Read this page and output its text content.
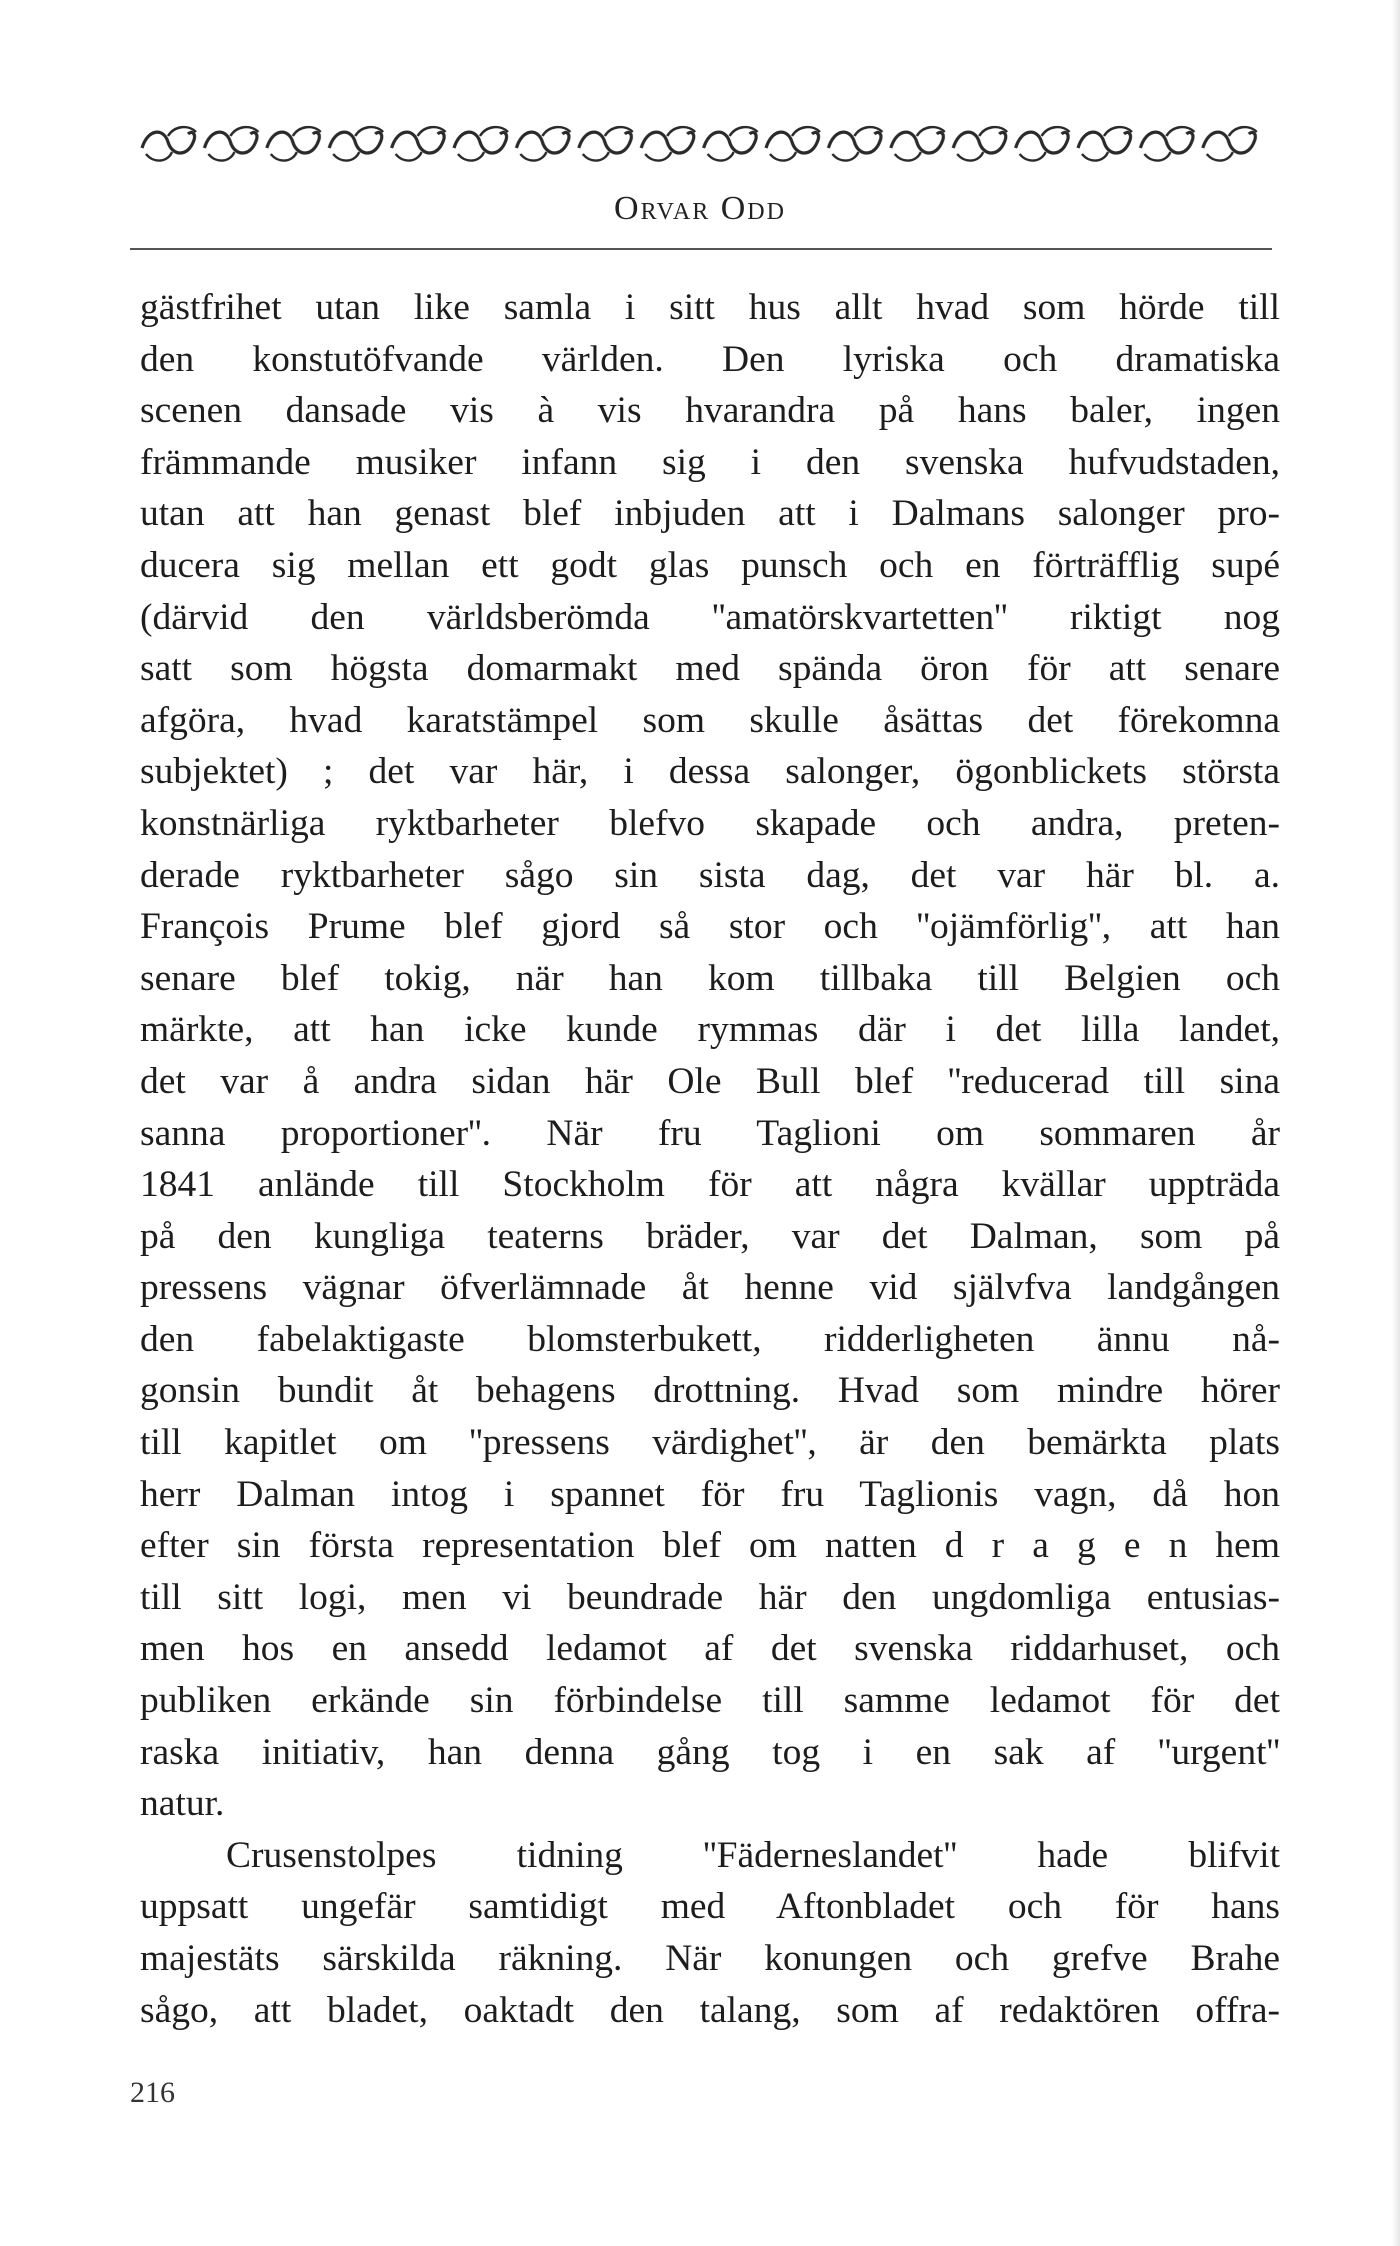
Orvar Odd
gästfrihet utan like samla i sitt hus allt hvad som hörde till
den konstutöfvande världen. Den lyriska och dramatiska
scenen dansade vis à vis hvarandra på hans baler, ingen
främmande musiker infann sig i den svenska hufvudstaden,
utan att han genast blef inbjuden att i Dalmans salonger pro-
ducera sig mellan ett godt glas punsch och en förträfflig supé
(därvid den världsberömda ''amatörskvartetten'' riktigt nog
satt som högsta domarmakt med spända öron för att senare
afgöra, hvad karatstämpel som skulle åsättas det förekomna
subjektet) ; det var här, i dessa salonger, ögonblickets största
konstnärliga ryktbarheter blefvo skapade och andra, preten-
derade ryktbarheter sågo sin sista dag, det var här bl. a.
François Prume blef gjord så stor och ''ojämförlig'', att han
senare blef tokig, när han kom tillbaka till Belgien och
märkte, att han icke kunde rymmas där i det lilla landet,
det var å andra sidan här Ole Bull blef ''reducerad till sina
sanna proportioner''. När fru Taglioni om sommaren år
1841 anlände till Stockholm för att några kvällar uppträda
på den kungliga teaterns bräder, var det Dalman, som på
pressens vägnar öfverlämnade åt henne vid självfva landgången
den fabelaktigaste blomsterbukett, ridderligheten ännu nå-
gonsin bundit åt behagens drottning. Hvad som mindre hörer
till kapitlet om ''pressens värdighet'', är den bemärkta plats
herr Dalman intog i spannet för fru Taglionis vagn, då hon
efter sin första representation blef om natten d r a g e n hem
till sitt logi, men vi beundrade här den ungdomliga entusias-
men hos en ansedd ledamot af det svenska riddarhuset, och
publiken erkände sin förbindelse till samme ledamot för det
raska initiativ, han denna gång tog i en sak af ''urgent''
natur.
Crusenstolpes tidning ''Fäderneslandet'' hade blifvit
uppsatt ungefär samtidigt med Aftonbladet och för hans
majestäts särskilda räkning. När konungen och grefve Brahe
sågo, att bladet, oaktadt den talang, som af redaktören offra-
216
